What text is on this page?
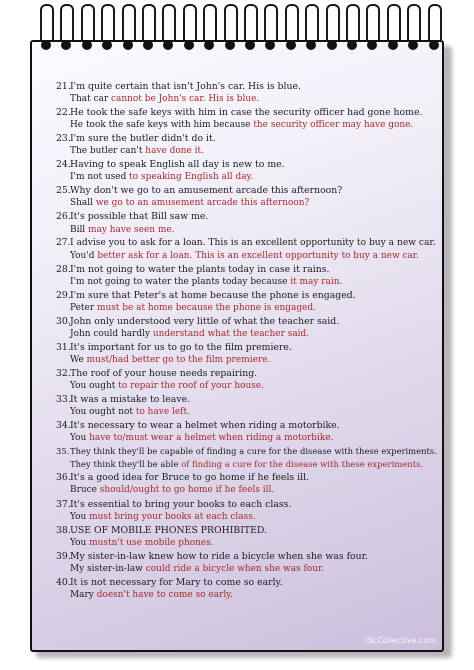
21.I'm quite certain that isn't John's car. His is blue.
That car cannot be John's car. His is blue.
22.He took the safe keys with him in case the security officer had gone home.
He took the safe keys with him because the security officer may have gone.
23.I'm sure the butler didn't do it.
The butler can't have done it.
24.Having to speak English all day is new to me.
I'm not used to speaking English all day.
25.Why don't we go to an amusement arcade this afternoon?
Shall we go to an amusement arcade this afternoon?
26.It's possible that Bill saw me.
Bill may have seen me.
27.I advise you to ask for a loan. This is an excellent opportunity to buy a new car.
You'd better ask for a loan. This is an excellent opportunity to buy a new car.
28.I'm not going to water the plants today in case it rains.
I'm not going to water the plants today because it may rain.
29.I'm sure that Peter's at home because the phone is engaged.
Peter must be at home because the phone is engaged.
30.John only understood very little of what the teacher said.
John could hardly understand what the teacher said.
31.It's important for us to go to the film premiere.
We must/had better go to the film premiere.
32.The roof of your house needs repairing.
You ought to repair the roof of your house.
33.It was a mistake to leave.
You ought not to have left.
34.It's necessary to wear a helmet when riding a motorbike.
You have to/must wear a helmet when riding a motorbike.
35.They think they'll be capable of finding a cure for the disease with these experiments.
They think they'll be able of finding a cure for the disease with these experiments.
36.It's a good idea for Bruce to go home if he feels ill.
Bruce should/ought to go home if he feels ill.
37.It's essential to bring your books to each class.
You must bring your books at each class.
38.USE OF MOBILE PHONES PROHIBITED.
You mustn't use mobile phones.
39.My sister-in-law knew how to ride a bicycle when she was four.
My sister-in-law could ride a bicycle when she was four.
40.It is not necessary for Mary to come so early.
Mary doesn't have to come so early.
iSLCollective.com
